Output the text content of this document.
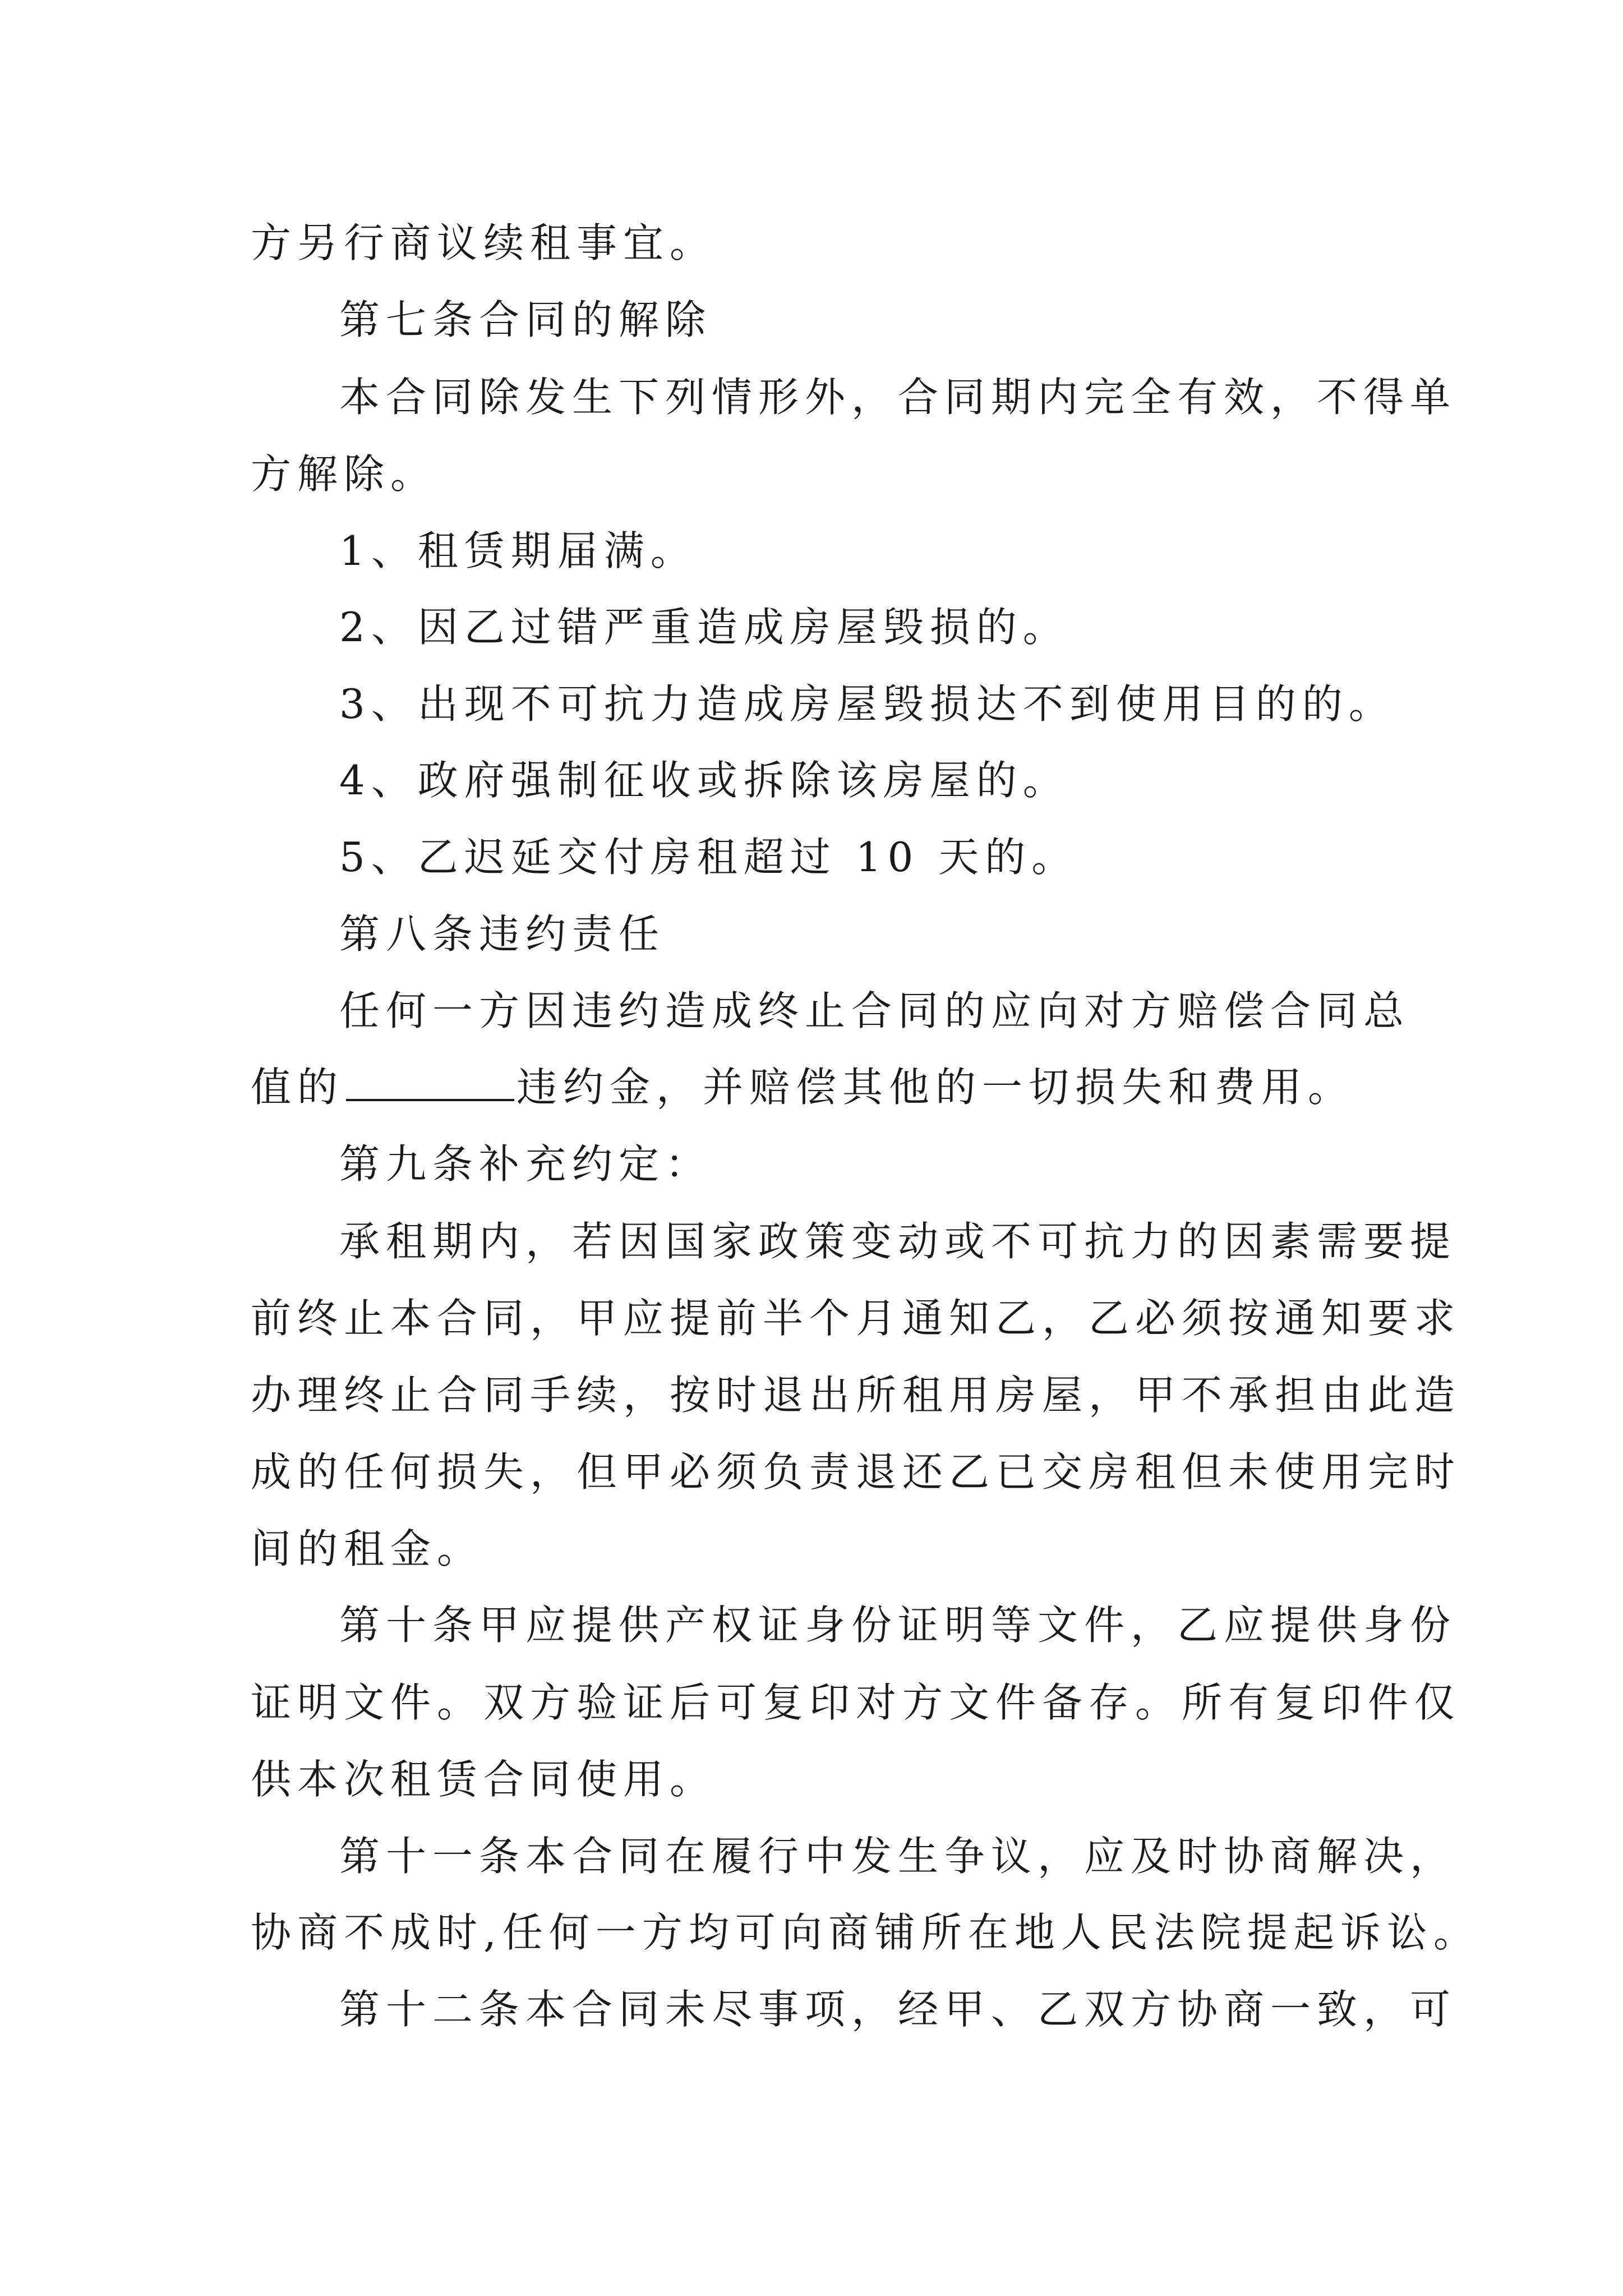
方另行商议续租事宜。

第七条合同的解除

本合同除发生下列情形外，合同期内完全有效，不得单

方解除。

1、租赁期届满。

2、因乙过错严重造成房屋毁损的。

3、出现不可抗力造成房屋毁损达不到使用目的的。

4、政府强制征收或拆除该房屋的。

5、乙迟延交付房租超过 10 天的。

第八条违约责任

任何一方因违约造成终止合同的应向对方赔偿合同总

值的	违约金，并赔偿其他的一切损失和费用。

第九条补充约定：

承租期内，若因国家政策变动或不可抗力的因素需要提

前终止本合同，甲应提前半个月通知乙，乙必须按通知要求

办理终止合同手续，按时退出所租用房屋，甲不承担由此造

成的任何损失，但甲必须负责退还乙已交房租但未使用完时

间的租金。

第十条甲应提供产权证身份证明等文件，乙应提供身份

证明文件。双方验证后可复印对方文件备存。所有复印件仅

供本次租赁合同使用。

第十一条本合同在履行中发生争议，应及时协商解决，

协商不成时,任何一方均可向商铺所在地人民法院提起诉讼。

第十二条本合同未尽事项，经甲、乙双方协商一致，可
